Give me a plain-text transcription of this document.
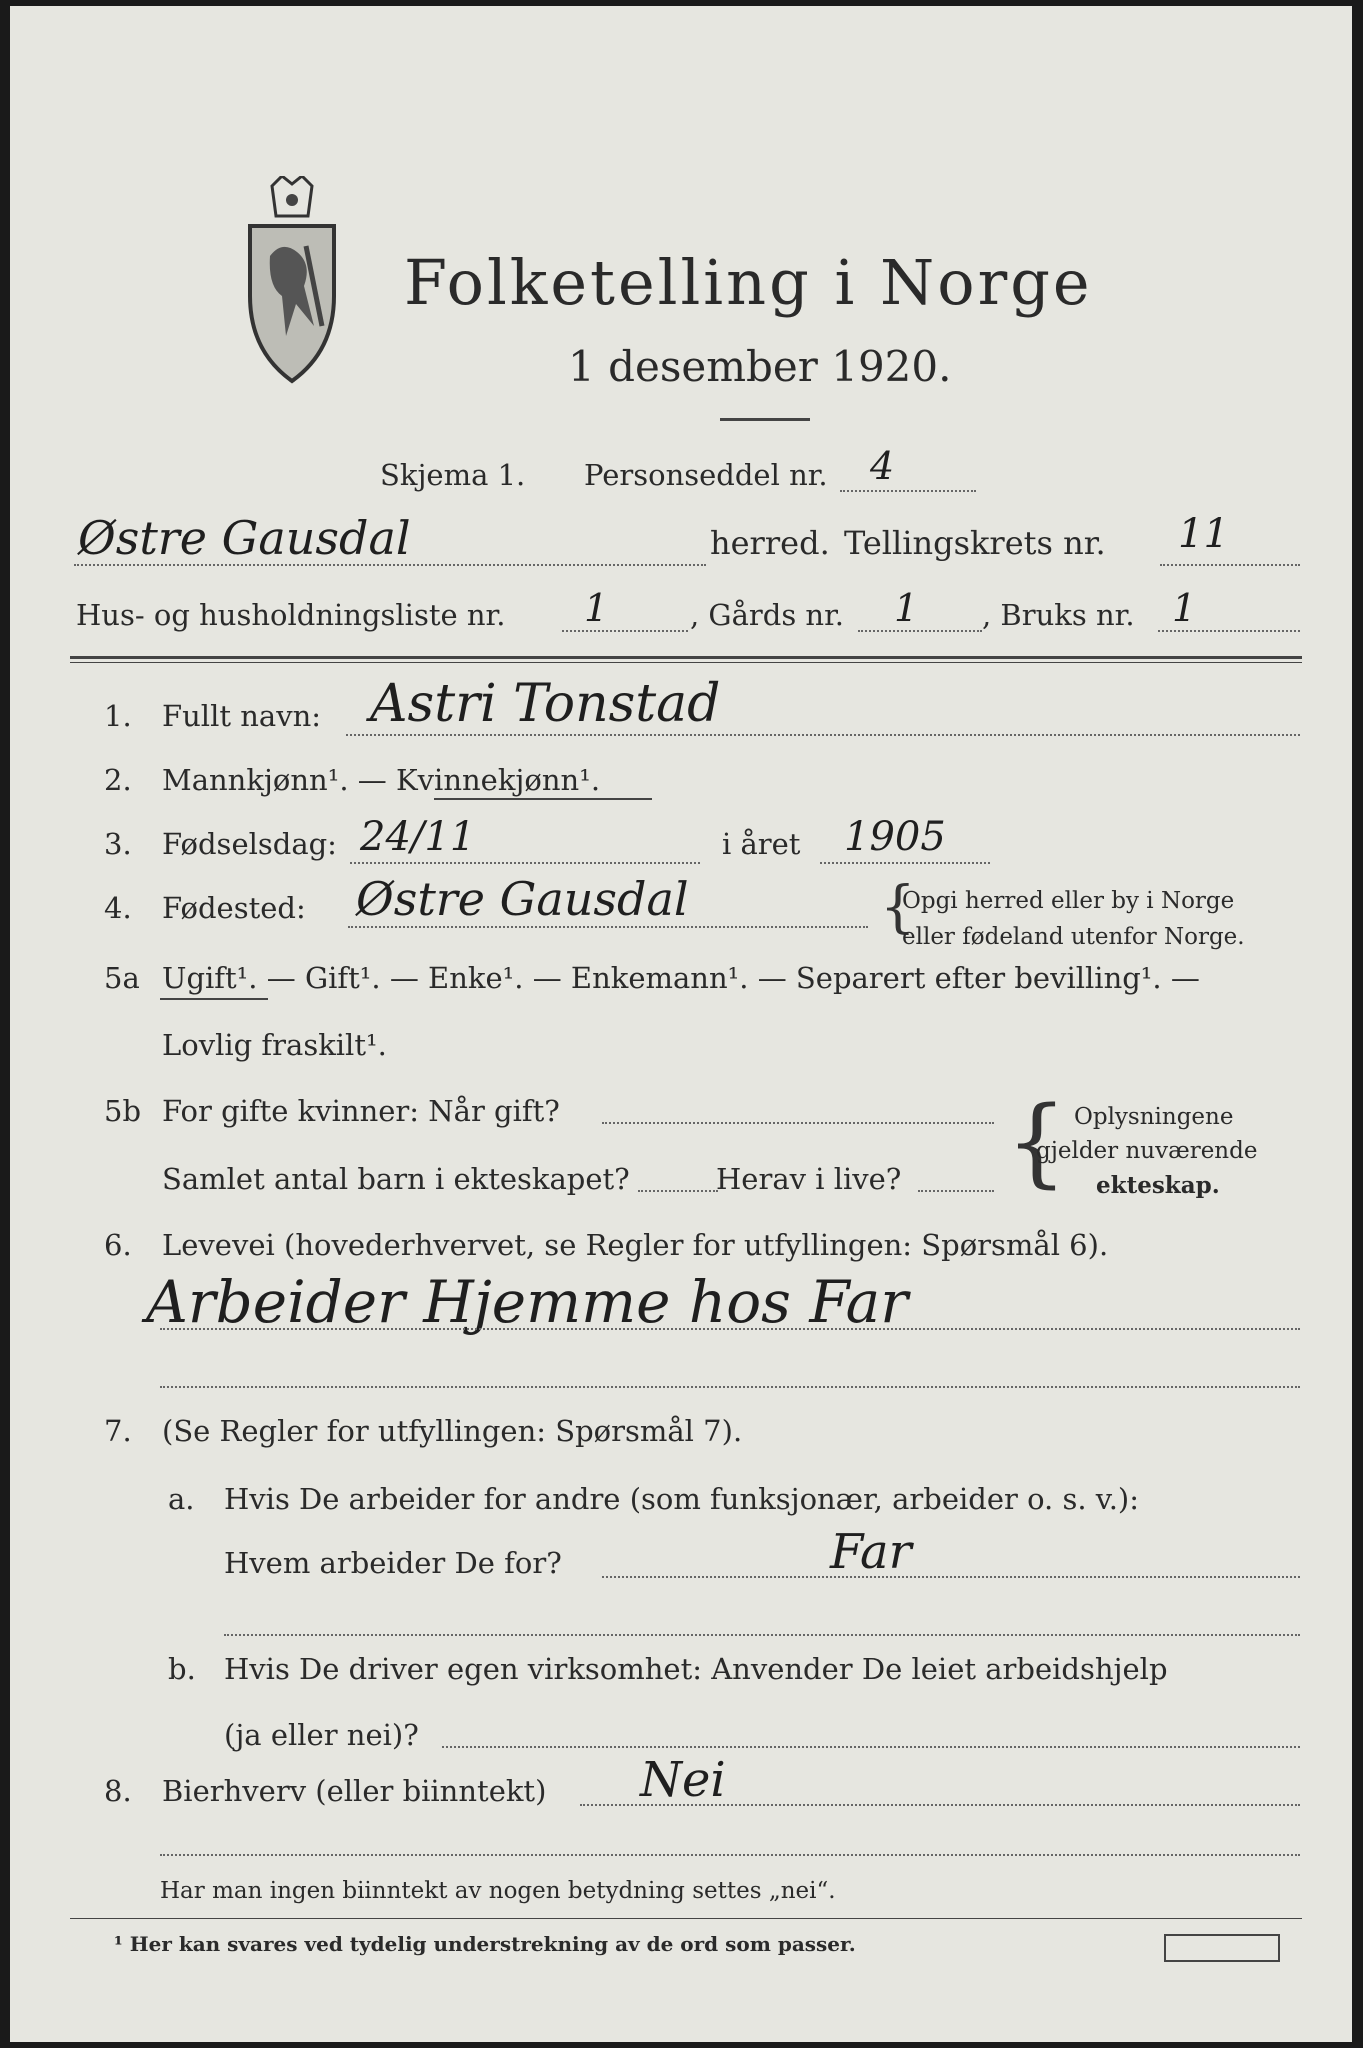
Folketelling i Norge
1 desember 1920.
Skjema 1. Personseddel nr. 4
Østre Gausdal	herred. Tellingskrets nr. 11
Hus- og husholdningsliste nr. 1	, Gårds nr. 1 , Bruks nr. 1
1. Fullt navn: Astri Tonstad
2. Mannkjønn¹. — Kvinnekjønn¹.
3. Fødselsdag: 24/11	i året 1905
4. Fødested: Østre Gausdal	{
Opgi herred eller by i Norge
eller fødeland utenfor Norge.
5a Ugift¹. — Gift¹. — Enke¹. — Enkemann¹. — Separert efter bevilling¹. —
Lovlig fraskilt¹.
5b For gifte kvinner: Når gift?
Samlet antal barn i ekteskapet?	Herav i live? { Oplysningene
gjelder nuværende
ekteskap.
6. Levevei (hovederhvervet, se Regler for utfyllingen: Spørsmål 6).
Arbeider Hjemme hos Far
7. (Se Regler for utfyllingen: Spørsmål 7).
a. Hvis De arbeider for andre (som funksjonær, arbeider o. s. v.):
Hvem arbeider De for?	Far
b. Hvis De driver egen virksomhet: Anvender De leiet arbeidshjelp
(ja eller nei)?
8. Bierhverv (eller biinntekt) Nei
Har man ingen biinntekt av nogen betydning settes „nei“.
¹ Her kan svares ved tydelig understrekning av de ord som passer.
